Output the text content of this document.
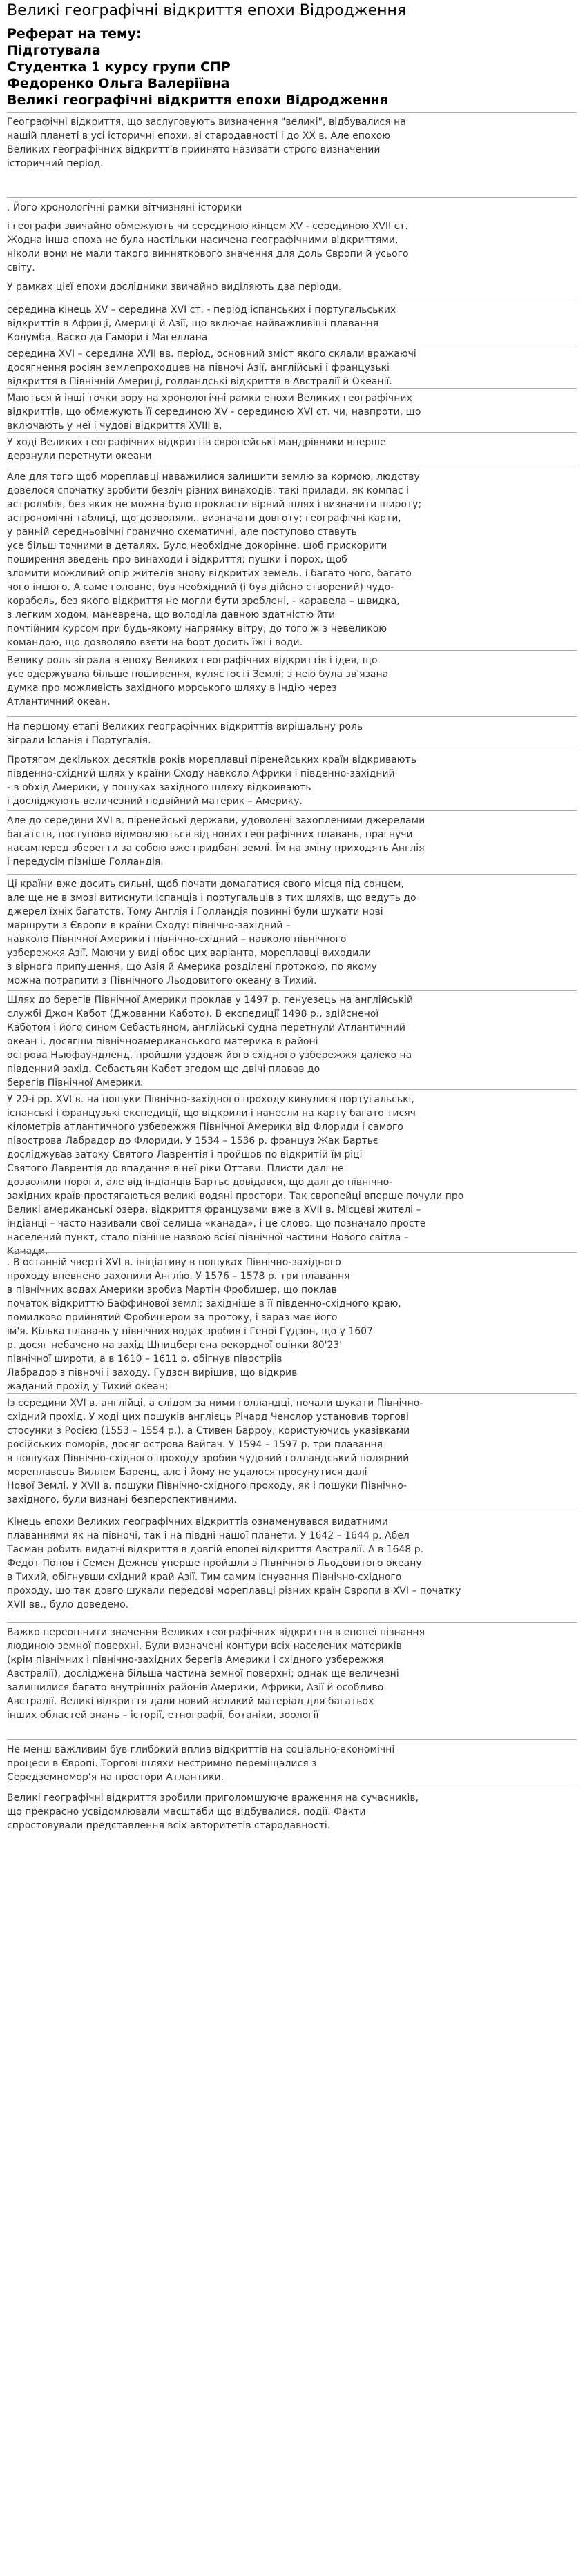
Великі географічні відкриття епохи Відродження
Реферат на тему:
Підготувала
Студентка 1 курсу групи СПР
Федоренко Ольга Валеріївна
Великі географічні відкриття епохи Відродження
Географічні відкриття, що заслуговують визначення "великі", відбувалися на
нашій планеті в усі історичні епохи, зі стародавності і до XX в. Але епохою
Великих географічних відкриттів прийнято називати строго визначений
історичний період.
. Його хронологічні рамки вітчизняні історики
і географи звичайно обмежують чи серединою кінцем XV - серединою XVII ст.
Жодна інша епоха не була настільки насичена географічними відкриттями,
ніколи вони не мали такого винняткового значення для доль Європи й усього
світу.
У рамках цієї епохи дослідники звичайно виділяють два періоди.
середина кінець XV – середина XVI ст. - період іспанських і португальських
відкриттів в Африці, Америці й Азії, що включає найважливіші плавання
Колумба, Васко да Гамори і Магеллана
середина XVI – середина XVII вв. період, основний зміст якого склали вражаючі
досягнення росіян землепроходцев на півночі Азії, англійські і французькі
відкриття в Північній Америці, голландські відкриття в Австралії й Океанії.
Маються й інші точки зору на хронологічні рамки епохи Великих географічних
відкриттів, що обмежують її серединою XV - серединою XVI ст. чи, навпроти, що
включають у неї і чудові відкриття XVIII в.
У ході Великих географічних відкриттів європейські мандрівники вперше
дерзнули перетнути океани
Але для того щоб мореплавці наважилися залишити землю за кормою, людству
довелося спочатку зробити безліч різних винаходів: такі прилади, як компас і
астролябія, без яких не можна було прокласти вірний шлях і визначити широту;
астрономічні таблиці, що дозволяли.. визначати довготу; географічні карти,
у ранній середньовічні гранично схематичні, але поступово ставуть
усе більш точними в деталях. Було необхідне докорінне, щоб прискорити
поширення зведень про винаходи і відкриття; пушки і порох, щоб
зломити можливий опір жителів знову відкритих земель, і багато чого, багато
чого іншого. А саме головне, був необхідний (і був дійсно створений) чудо-
корабель, без якого відкриття не могли бути зроблені, - каравела – швидка,
з легким ходом, маневрена, що володіла давною здатністю йти
почтійним курсом при будь-якому напрямку вітру, до того ж з невеликою
командою, що дозволяло взяти на борт досить їжі і води.
Велику роль зіграла в епоху Великих географічних відкриттів і ідея, що
усе одержувала більше поширення, кулястості Землі; з нею була зв'язана
думка про можливість західного морського шляху в Індію через
Атлантичний океан.
На першому етапі Великих географічних відкриттів вирішальну роль
зіграли Іспанія і Португалія.
Протягом декількох десятків років мореплавці піренейських країн відкривають
південно-східний шлях у країни Сходу навколо Африки і південно-західний
- в обхід Америки, у пошуках західного шляху відкривають
і досліджують величезний подвійний материк – Америку.
Але до середини XVI в. піренейські держави, удоволені захопленими джерелами
багатств, поступово відмовляються від нових географічних плавань, прагнучи
насамперед зберегти за собою вже придбані землі. Їм на зміну приходять Англія
і передусім пізніше Голландія.
Ці країни вже досить сильні, щоб почати домагатися свого місця під сонцем,
але ще не в змозі витиснути Іспанців і португальців з тих шляхів, що ведуть до
джерел їхніх багатств. Тому Англія і Голландія повинні були шукати нові
маршрути з Європи в країни Сходу: північно-західний –
навколо Північної Америки і північно-східний – навколо північного
узбережжя Азії. Маючи у виді обоє цих варіанта, мореплавці виходили
з вірного припущення, що Азія й Америка розділені протокою, по якому
можна потрапити з Північного Льодовитого океану в Тихий.
Шлях до берегів Північної Америки проклав у 1497 р. генуезець на англійській
службі Джон Кабот (Джованни Кабото). В експедиції 1498 р., здійсненої
Каботом і його сином Себастьяном, англійські судна перетнули Атлантичний
океан і, досягши північноамериканського материка в районі
острова Ньюфаундленд, пройшли уздовж його східного узбережжя далеко на
південний захід. Себастьян Кабот згодом ще двічі плавав до
берегів Північної Америки.
У 20-і рр. XVI в. на пошуки Північно-західного проходу кинулися португальські,
іспанські і французькі експедиції, що відкрили і нанесли на карту багато тисяч
кілометрів атлантичного узбережжя Північної Америки від Флориди і самого
півострова Лабрадор до Флориди. У 1534 – 1536 р. француз Жак Бартьє
досліджував затоку Святого Лаврентія і пройшов по відкритій їм ріці
Святого Лаврентія до впадання в неї ріки Оттави. Плисти далі не
дозволили пороги, але від індіанців Бартьє довідався, що далі до північно-
західних країв простягаються великі водяні простори. Так європейці вперше почули про
Великі американські озера, відкриття французами вже в XVII в. Місцеві жителі –
індіанці – часто називали свої селища «канада», і це слово, що позначало просте
населений пункт, стало пізніше назвою всієї північної частини Нового світла –
Канади.
. В останній чверті XVI в. ініціативу в пошуках Північно-західного
проходу впевнено захопили Англію. У 1576 – 1578 р. три плавання
в північних водах Америки зробив Мартін Фробишер, що поклав
початок відкриттю Баффинової землі; західніше в її південно-східного краю,
помилково прийнятий Фробишером за протоку, і зараз має його
ім'я. Кілька плавань у північних водах зробив і Генрі Гудзон, що у 1607
р. досяг небачено на захід Шпицбергена рекордної оцінки 80'23'
північної широти, а в 1610 – 1611 р. обігнув півостріів
Лабрадор з півночі і заходу. Гудзон вирішив, що відкрив
жаданий прохід у Тихий океан;
Із середини XVI в. англійці, а слідом за ними голландці, почали шукати Північно-
східний прохід. У ході цих пошуків англієць Річард Ченслор установив торгові
стосунки з Росією (1553 – 1554 р.), а Стивен Барроу, користуючись указівками
російських поморів, досяг острова Вайгач. У 1594 – 1597 р. три плавання
в пошуках Північно-східного проходу зробив чудовий голландський полярний
мореплавець Виллем Баренц, але і йому не удалося просунутися далі
Нової Землі. У XVII в. пошуки Північно-східного проходу, як і пошуки Північно-
західного, були визнані безперспективними.
Кінець епохи Великих географічних відкриттів ознаменувався видатними
плаваннями як на півночі, так і на півдні нашої планети. У 1642 – 1644 р. Абел
Тасман робить видатні відкриття в довгій епопеї відкриття Австралії. А в 1648 р.
Федот Попов і Семен Дежнев уперше пройшли з Північного Льодовитого океану
в Тихий, обігнувши східний край Азії. Тим самим існування Північно-східного
проходу, що так довго шукали передові мореплавці різних країн Європи в XVI – початку
XVII вв., було доведено.
Важко переоцінити значення Великих географічних відкриттів в епопеї пізнання
людиною земної поверхні. Були визначені контури всіх населених материків
(крім північних і північно-західних берегів Америки і східного узбережжя
Австралії), досліджена більша частина земної поверхні; однак ще величезні
залишилися багато внутрішніх районів Америки, Африки, Азії й особливо
Австралії. Великі відкриття дали новий великий матеріал для багатьох
інших областей знань – історії, етнографії, ботаніки, зоології
Не менш важливим був глибокий вплив відкриттів на соціально-економічні
процеси в Європі. Торгові шляхи нестримно переміщалися з
Середземномор'я на простори Атлантики.
Великі географічні відкриття зробили приголомшуюче враження на сучасників,
що прекрасно усвідомлювали масштаби що відбувалися, події. Факти
спростовували представлення всіх авторитетів стародавності.
